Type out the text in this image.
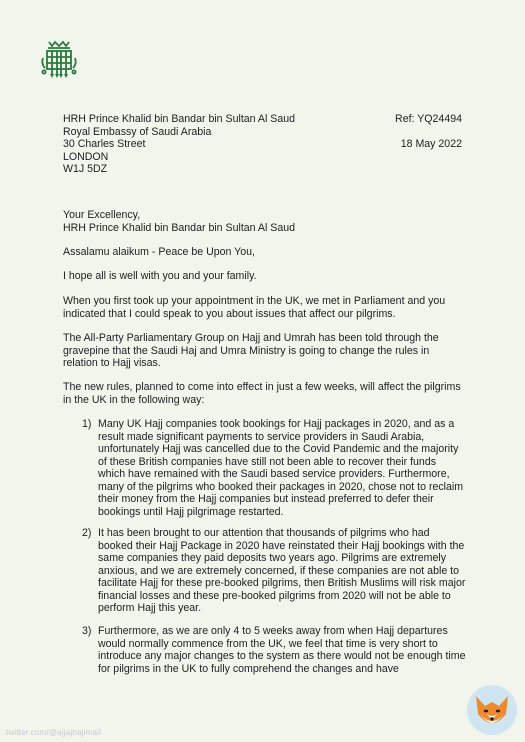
HRH Prince Khalid bin Bandar bin Sultan Al Saud
Royal Embassy of Saudi Arabia
30 Charles Street
LONDON
W1J 5DZ
Ref: YQ24494
18 May 2022
Your Excellency,
HRH Prince Khalid bin Bandar bin Sultan Al Saud

Assalamu alaikum - Peace be Upon You,

I hope all is well with you and your family.

When you first took up your appointment in the UK, we met in Parliament and you indicated that I could speak to you about issues that affect our pilgrims.

The All-Party Parliamentary Group on Hajj and Umrah has been told through the gravepine that the Saudi Haj and Umra Ministry is going to change the rules in relation to Hajj visas.

The new rules, planned to come into effect in just a few weeks, will affect the pilgrims in the UK in the following way:

1) Many UK Hajj companies took bookings for Hajj packages in 2020, and as a result made significant payments to service providers in Saudi Arabia, unfortunately Hajj was cancelled due to the Covid Pandemic and the majority of these British companies have still not been able to recover their funds which have remained with the Saudi based service providers. Furthermore, many of the pilgrims who booked their packages in 2020, chose not to reclaim their money from the Hajj companies but instead preferred to defer their bookings until Hajj pilgrimage restarted.
2) It has been brought to our attention that thousands of pilgrims who had booked their Hajj Package in 2020 have reinstated their Hajj bookings with the same companies they paid deposits two years ago. Pilgrims are extremely anxious, and we are extremely concerned, if these companies are not able to facilitate Hajj for these pre-booked pilgrims, then British Muslims will risk major financial losses and these pre-booked pilgrims from 2020 will not be able to perform Hajj this year.
3) Furthermore, as we are only 4 to 5 weeks away from when Hajj departures would normally commence from the UK, we feel that time is very short to introduce any major changes to the system as there would not be enough time for pilgrims in the UK to fully comprehend the changes and have
twitter.com/@ajjajhajimail
